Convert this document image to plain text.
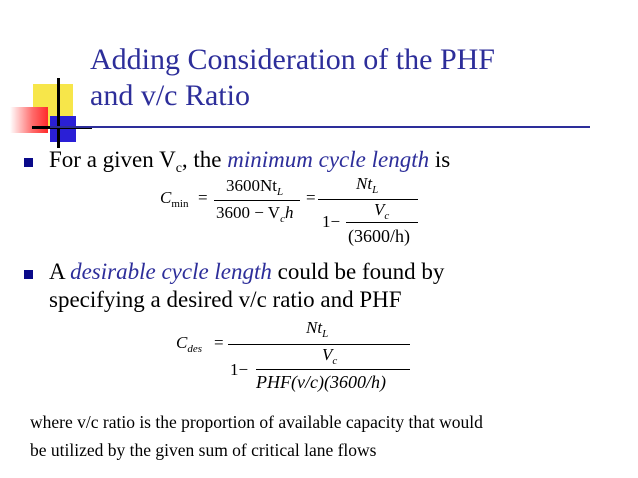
Adding Consideration of the PHF
and v/c Ratio
For a given $V_c$, the minimum cycle length is
$C_{min}$ =
$3600Nt_L$
$3600 - V_ch$
=
$Nt_L$
1−
$V_c$
(3600/h)
A desirable cycle length could be found by
specifying a desired v/c ratio and PHF
$C_{des}$ =
$Nt_L$
1−
$V_c$
PHF(v/c)(3600/h)
where v/c ratio is the proportion of available capacity that would
be utilized by the given sum of critical lane flows
